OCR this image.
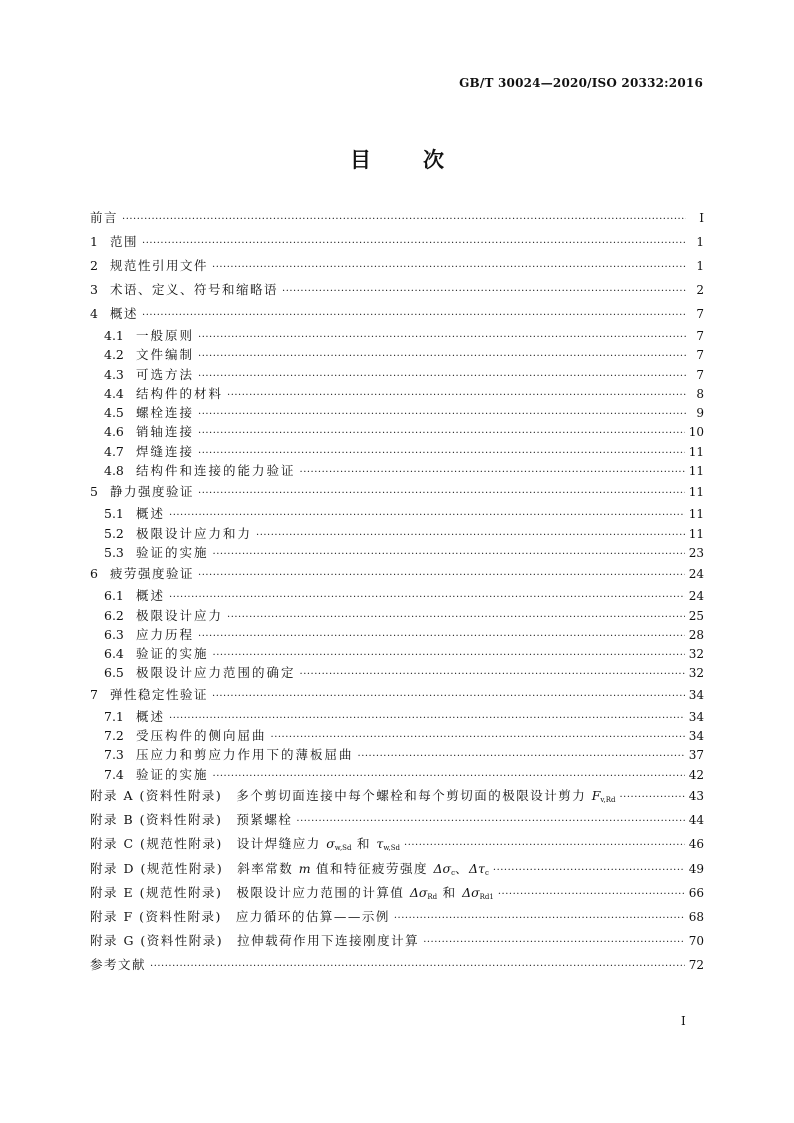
GB/T 30024—2020/ISO 20332:2016
目 次
前言 ·····	Ⅰ
1 范围 ·····	1
2 规范性引用文件 ·····	1
3 术语、定义、符号和缩略语 ·····	2
4 概述 ·····	7
4.1 一般原则 ·····	7
4.2 文件编制 ·····	7
4.3 可选方法 ·····	7
4.4 结构件的材料 ·····	8
4.5 螺栓连接 ·····	9
4.6 销轴连接 ·····	10
4.7 焊缝连接 ·····	11
4.8 结构件和连接的能力验证 ·····	11
5 静力强度验证 ·····	11
5.1 概述 ·····	11
5.2 极限设计应力和力 ·····	11
5.3 验证的实施 ·····	23
6 疲劳强度验证 ·····	24
6.1 概述 ·····	24
6.2 极限设计应力 ·····	25
6.3 应力历程 ·····	28
6.4 验证的实施 ·····	32
6.5 极限设计应力范围的确定 ·····	32
7 弹性稳定性验证 ·····	34
7.1 概述 ·····	34
7.2 受压构件的侧向屈曲 ·····	34
7.3 压应力和剪应力作用下的薄板屈曲 ·····	37
7.4 验证的实施 ·····	42
附录 A (资料性附录)　多个剪切面连接中每个螺栓和每个剪切面的极限设计剪力 $F_{v,Rd}$ ·····	43
附录 B (资料性附录)　预紧螺栓 ·····	44
附录 C (规范性附录)　设计焊缝应力 $\sigma_{w,Sd}$ 和 $\tau_{w,Sd}$ ·····	46
附录 D (规范性附录)　斜率常数 m 值和特征疲劳强度 $\Delta\sigma_c$、$\Delta\tau_c$ ·····	49
附录 E (规范性附录)　极限设计应力范围的计算值 $\Delta\sigma_{Rd}$ 和 $\Delta\sigma_{Rd1}$ ·····	66
附录 F (资料性附录)　应力循环的估算——示例 ·····	68
附录 G (资料性附录)　拉伸载荷作用下连接刚度计算 ·····	70
参考文献 ·····	72
Ⅰ
